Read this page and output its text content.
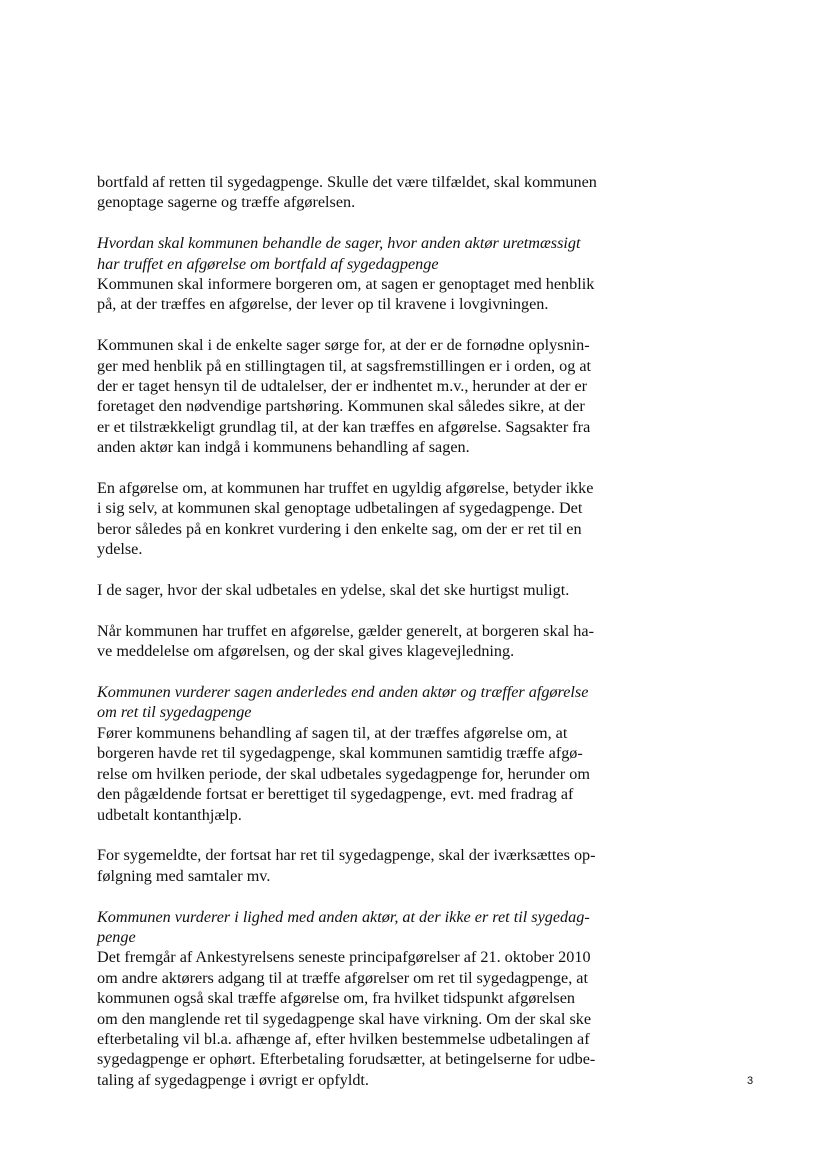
bortfald af retten til sygedagpenge. Skulle det være tilfældet, skal kommunen
genoptage sagerne og træffe afgørelsen.
Hvordan skal kommunen behandle de sager, hvor anden aktør uretmæssigt
har truffet en afgørelse om bortfald af sygedagpenge
Kommunen skal informere borgeren om, at sagen er genoptaget med henblik
på, at der træffes en afgørelse, der lever op til kravene i lovgivningen.
Kommunen skal i de enkelte sager sørge for, at der er de fornødne oplysnin-
ger med henblik på en stillingtagen til, at sagsfremstillingen er i orden, og at
der er taget hensyn til de udtalelser, der er indhentet m.v., herunder at der er
foretaget den nødvendige partshøring. Kommunen skal således sikre, at der
er et tilstrækkeligt grundlag til, at der kan træffes en afgørelse. Sagsakter fra
anden aktør kan indgå i kommunens behandling af sagen.
En afgørelse om, at kommunen har truffet en ugyldig afgørelse, betyder ikke
i sig selv, at kommunen skal genoptage udbetalingen af sygedagpenge. Det
beror således på en konkret vurdering i den enkelte sag, om der er ret til en
ydelse.
I de sager, hvor der skal udbetales en ydelse, skal det ske hurtigst muligt.
Når kommunen har truffet en afgørelse, gælder generelt, at borgeren skal ha-
ve meddelelse om afgørelsen, og der skal gives klagevejledning.
Kommunen vurderer sagen anderledes end anden aktør og træffer afgørelse
om ret til sygedagpenge
Fører kommunens behandling af sagen til, at der træffes afgørelse om, at
borgeren havde ret til sygedagpenge, skal kommunen samtidig træffe afgø-
relse om hvilken periode, der skal udbetales sygedagpenge for, herunder om
den pågældende fortsat er berettiget til sygedagpenge, evt. med fradrag af
udbetalt kontanthjælp.
For sygemeldte, der fortsat har ret til sygedagpenge, skal der iværksættes op-
følgning med samtaler mv.
Kommunen vurderer i lighed med anden aktør, at der ikke er ret til sygedag-
penge
Det fremgår af Ankestyrelsens seneste principafgørelser af 21. oktober 2010
om andre aktørers adgang til at træffe afgørelser om ret til sygedagpenge, at
kommunen også skal træffe afgørelse om, fra hvilket tidspunkt afgørelsen
om den manglende ret til sygedagpenge skal have virkning. Om der skal ske
efterbetaling vil bl.a. afhænge af, efter hvilken bestemmelse udbetalingen af
sygedagpenge er ophørt. Efterbetaling forudsætter, at betingelserne for udbe-
taling af sygedagpenge i øvrigt er opfyldt.	3
